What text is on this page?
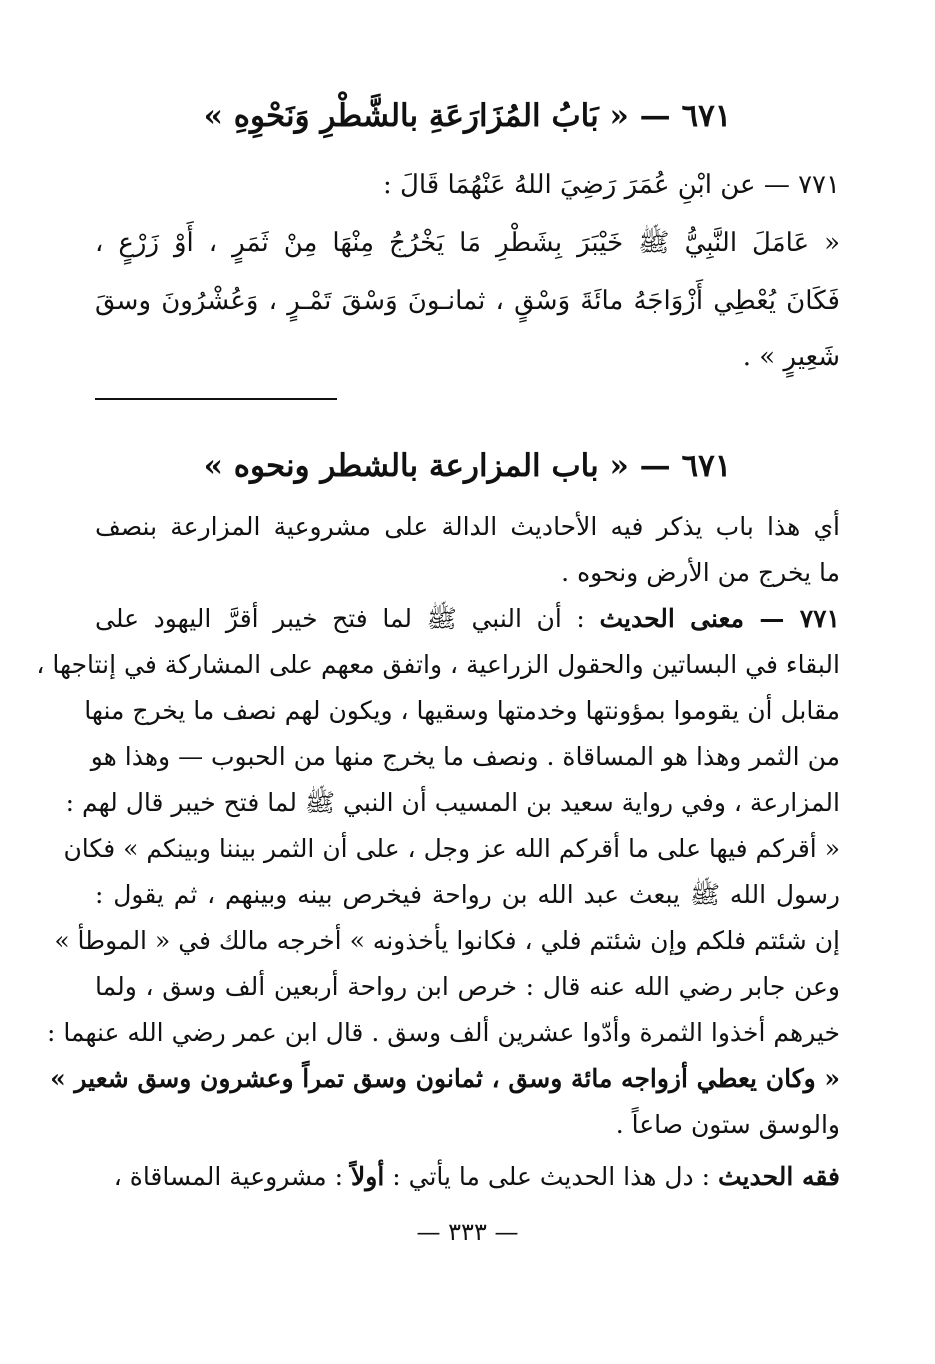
٦٧١ — « بَابُ المُزَارَعَةِ بالشَّطْرِ وَنَحْوِهِ »
٧٧١ — عن ابْنِ عُمَرَ رَضِيَ اللهُ عَنْهُمَا قَالَ :
« عَامَلَ النَّبِيُّ ﷺ خَيْبَرَ بِشَطْرِ مَا يَخْرُجُ مِنْهَا مِنْ ثَمَرٍ ، أَوْ زَرْعٍ ،
فَكَانَ يُعْطِي أَزْوَاجَهُ مائَةَ وَسْقٍ ، ثمانـونَ وَسْقَ تَمْـرٍ ، وَعُشْرُونَ وسقَ
شَعِيرٍ » .
٦٧١ — « باب المزارعة بالشطر ونحوه »
أي هذا باب يذكر فيه الأحاديث الدالة على مشروعية المزارعة بنصف
ما يخرج من الأرض ونحوه .
٧٧١ — معنى الحديث : أن النبي ﷺ لما فتح خيبر أقرَّ اليهود على
البقاء في البساتين والحقول الزراعية ، واتفق معهم على المشاركة في إنتاجها ،
مقابل أن يقوموا بمؤونتها وخدمتها وسقيها ، ويكون لهم نصف ما يخرج منها
من الثمر وهذا هو المساقاة . ونصف ما يخرج منها من الحبوب — وهذا هو
المزارعة ، وفي رواية سعيد بن المسيب أن النبي ﷺ لما فتح خيبر قال لهم :
« أقركم فيها على ما أقركم الله عز وجل ، على أن الثمر بيننا وبينكم » فكان
رسول الله ﷺ يبعث عبد الله بن رواحة فيخرص بينه وبينهم ، ثم يقول :
إن شئتم فلكم وإن شئتم فلي ، فكانوا يأخذونه » أخرجه مالك في « الموطأ »
وعن جابر رضي الله عنه قال : خرص ابن رواحة أربعين ألف وسق ، ولما
خيرهم أخذوا الثمرة وأدّوا عشرين ألف وسق . قال ابن عمر رضي الله عنهما :
« وكان يعطي أزواجه مائة وسق ، ثمانون وسق تمراً وعشرون وسق شعير »
والوسق ستون صاعاً .
فقه الحديث : دل هذا الحديث على ما يأتي : أولاً : مشروعية المساقاة ،
— ٣٣٣ —
